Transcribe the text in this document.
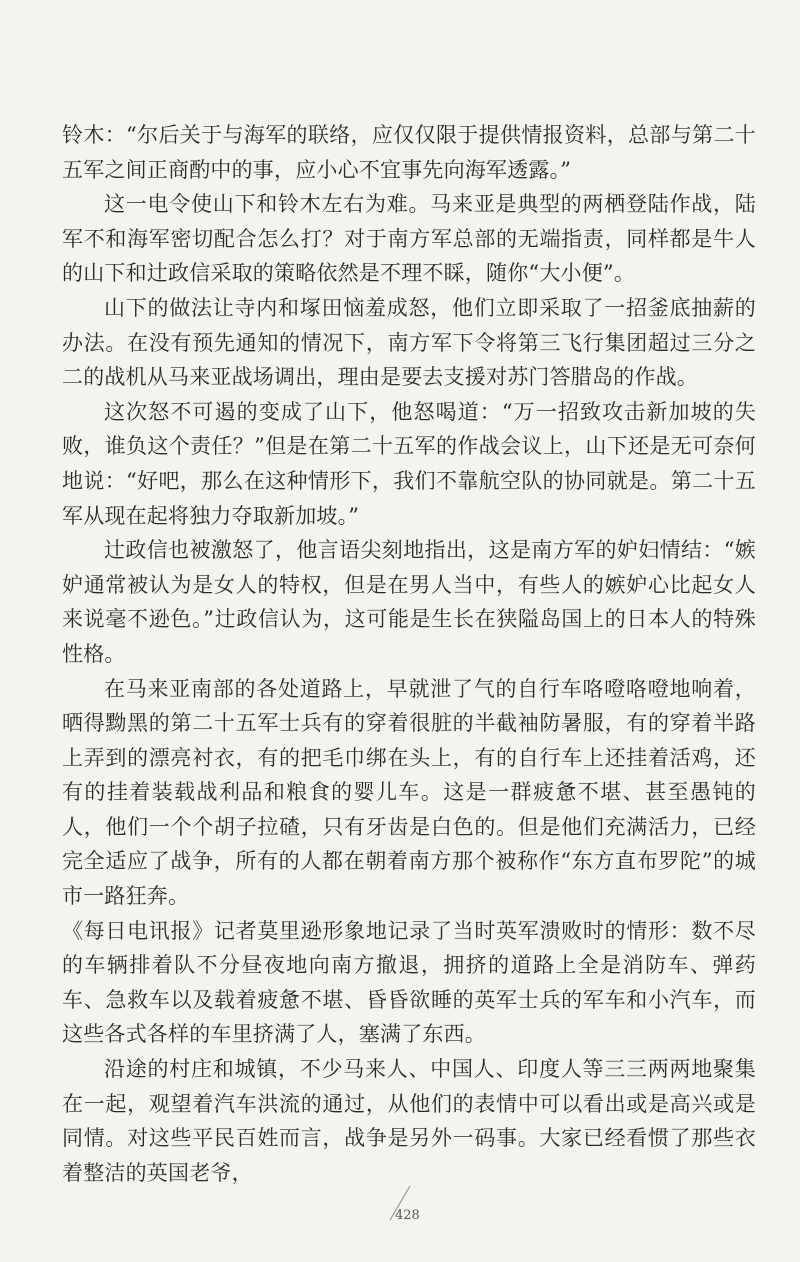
铃木：“尔后关于与海军的联络，应仅仅限于提供情报资料，总部与第二十五军之间正商酌中的事，应小心不宜事先向海军透露。”

这一电令使山下和铃木左右为难。马来亚是典型的两栖登陆作战，陆军不和海军密切配合怎么打？对于南方军总部的无端指责，同样都是牛人的山下和辻政信采取的策略依然是不理不睬，随你“大小便”。

山下的做法让寺内和塚田恼羞成怒，他们立即采取了一招釜底抽薪的办法。在没有预先通知的情况下，南方军下令将第三飞行集团超过三分之二的战机从马来亚战场调出，理由是要去支援对苏门答腊岛的作战。

这次怒不可遏的变成了山下，他怒喝道：“万一招致攻击新加坡的失败，谁负这个责任？”但是在第二十五军的作战会议上，山下还是无可奈何地说：“好吧，那么在这种情形下，我们不靠航空队的协同就是。第二十五军从现在起将独力夺取新加坡。”

辻政信也被激怒了，他言语尖刻地指出，这是南方军的妒妇情结：“嫉妒通常被认为是女人的特权，但是在男人当中，有些人的嫉妒心比起女人来说毫不逊色。”辻政信认为，这可能是生长在狭隘岛国上的日本人的特殊性格。

在马来亚南部的各处道路上，早就泄了气的自行车咯噔咯噔地响着，晒得黝黑的第二十五军士兵有的穿着很脏的半截袖防暑服，有的穿着半路上弄到的漂亮衬衣，有的把毛巾绑在头上，有的自行车上还挂着活鸡，还有的挂着装载战利品和粮食的婴儿车。这是一群疲惫不堪、甚至愚钝的人，他们一个个胡子拉碴，只有牙齿是白色的。但是他们充满活力，已经完全适应了战争，所有的人都在朝着南方那个被称作“东方直布罗陀”的城市一路狂奔。

《每日电讯报》记者莫里逊形象地记录了当时英军溃败时的情形：数不尽的车辆排着队不分昼夜地向南方撤退，拥挤的道路上全是消防车、弹药车、急救车以及载着疲惫不堪、昏昏欲睡的英军士兵的军车和小汽车，而这些各式各样的车里挤满了人，塞满了东西。

沿途的村庄和城镇，不少马来人、中国人、印度人等三三两两地聚集在一起，观望着汽车洪流的通过，从他们的表情中可以看出或是高兴或是同情。对这些平民百姓而言，战争是另外一码事。大家已经看惯了那些衣着整洁的英国老爷，

428
